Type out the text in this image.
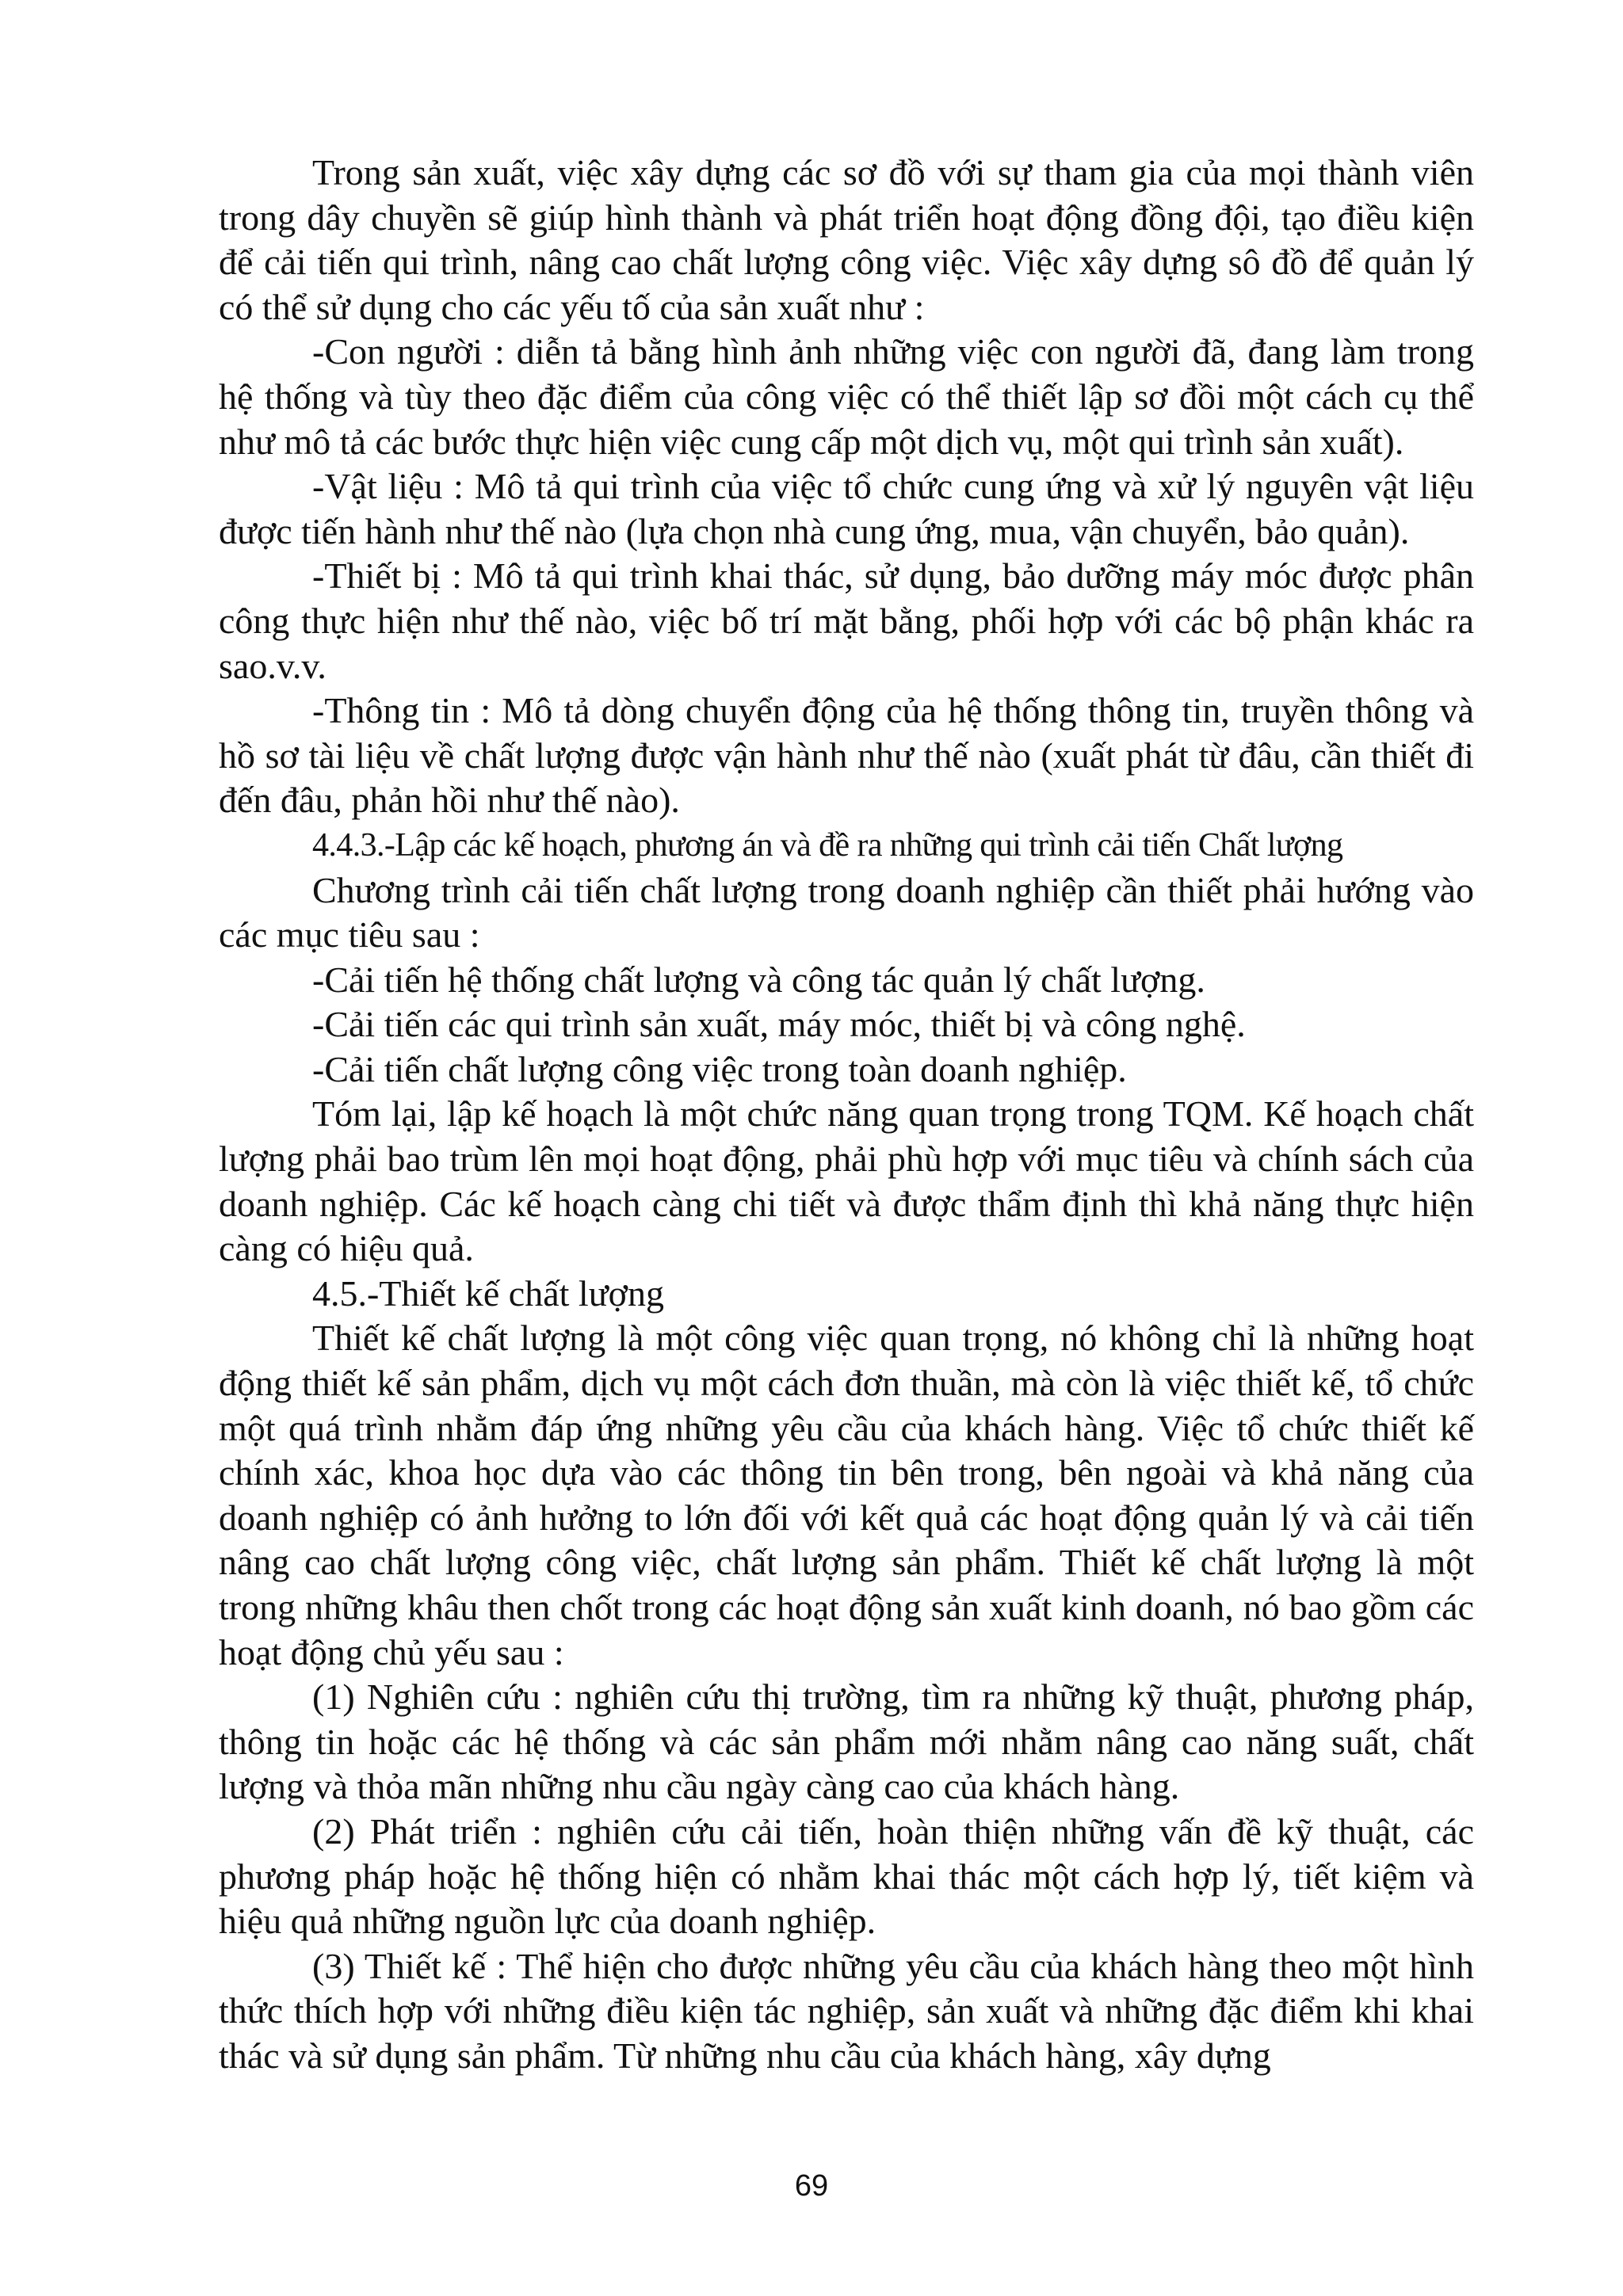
Trong sản xuất, việc xây dựng các sơ đồ với sự tham gia của mọi thành viên trong dây chuyền sẽ giúp hình thành và phát triển hoạt động đồng đội, tạo điều kiện để cải tiến qui trình, nâng cao chất lượng công việc. Việc xây dựng sô đồ để quản lý có thể sử dụng cho các yếu tố của sản xuất như :

-Con người : diễn tả bằng hình ảnh những việc con người đã, đang làm trong hệ thống và tùy theo đặc điểm của công việc có thể thiết lập sơ đồi một cách cụ thể như mô tả các bước thực hiện việc cung cấp một dịch vụ, một qui trình sản xuất).

-Vật liệu : Mô tả qui trình của việc tổ chức cung ứng và xử lý nguyên vật liệu được tiến hành như thế nào (lựa chọn nhà cung ứng, mua, vận chuyển, bảo quản).

-Thiết bị : Mô tả qui trình khai thác, sử dụng, bảo dưỡng máy móc được phân công thực hiện như thế nào, việc bố trí mặt bằng, phối hợp với các bộ phận khác ra sao.v.v.

-Thông tin : Mô tả dòng chuyển động của hệ thống thông tin, truyền thông và hồ sơ tài liệu về chất lượng được vận hành như thế nào (xuất phát từ đâu, cần thiết đi đến đâu, phản hồi như thế nào).

4.4.3.-Lập các kế hoạch, phương án và đề ra những qui trình cải tiến Chất lượng

Chương trình cải tiến chất lượng trong doanh nghiệp cần thiết phải hướng vào các mục tiêu sau :

-Cải tiến hệ thống chất lượng và công tác quản lý chất lượng.

-Cải tiến các qui trình sản xuất, máy móc, thiết bị và công nghệ.

-Cải tiến chất lượng công việc trong toàn doanh nghiệp.

Tóm lại, lập kế hoạch là một chức năng quan trọng trong TQM. Kế hoạch chất lượng phải bao trùm lên mọi hoạt động, phải phù hợp với mục tiêu và chính sách của doanh nghiệp. Các kế hoạch càng chi tiết và được thẩm định thì khả năng thực hiện càng có hiệu quả.

4.5.-Thiết kế chất lượng

Thiết kế chất lượng là một công việc quan trọng, nó không chỉ là những hoạt động thiết kế sản phẩm, dịch vụ một cách đơn thuần, mà còn là việc thiết kế, tổ chức một quá trình nhằm đáp ứng những yêu cầu của khách hàng. Việc tổ chức thiết kế chính xác, khoa học dựa vào các thông tin bên trong, bên ngoài và khả năng của doanh nghiệp có ảnh hưởng to lớn đối với kết quả các hoạt động quản lý và cải tiến nâng cao chất lượng công việc, chất lượng sản phẩm. Thiết kế chất lượng là một trong những khâu then chốt trong các hoạt động sản xuất kinh doanh, nó bao gồm các hoạt động chủ yếu sau :

(1) Nghiên cứu : nghiên cứu thị trường, tìm ra những kỹ thuật, phương pháp, thông tin hoặc các hệ thống và các sản phẩm mới nhằm nâng cao năng suất, chất lượng và thỏa mãn những nhu cầu ngày càng cao của khách hàng.

(2) Phát triển : nghiên cứu cải tiến, hoàn thiện những vấn đề kỹ thuật, các phương pháp hoặc hệ thống hiện có nhằm khai thác một cách hợp lý, tiết kiệm và hiệu quả những nguồn lực của doanh nghiệp.

(3) Thiết kế : Thể hiện cho được những yêu cầu của khách hàng theo một hình thức thích hợp với những điều kiện tác nghiệp, sản xuất và những đặc điểm khi khai thác và sử dụng sản phẩm. Từ những nhu cầu của khách hàng, xây dựng

69
